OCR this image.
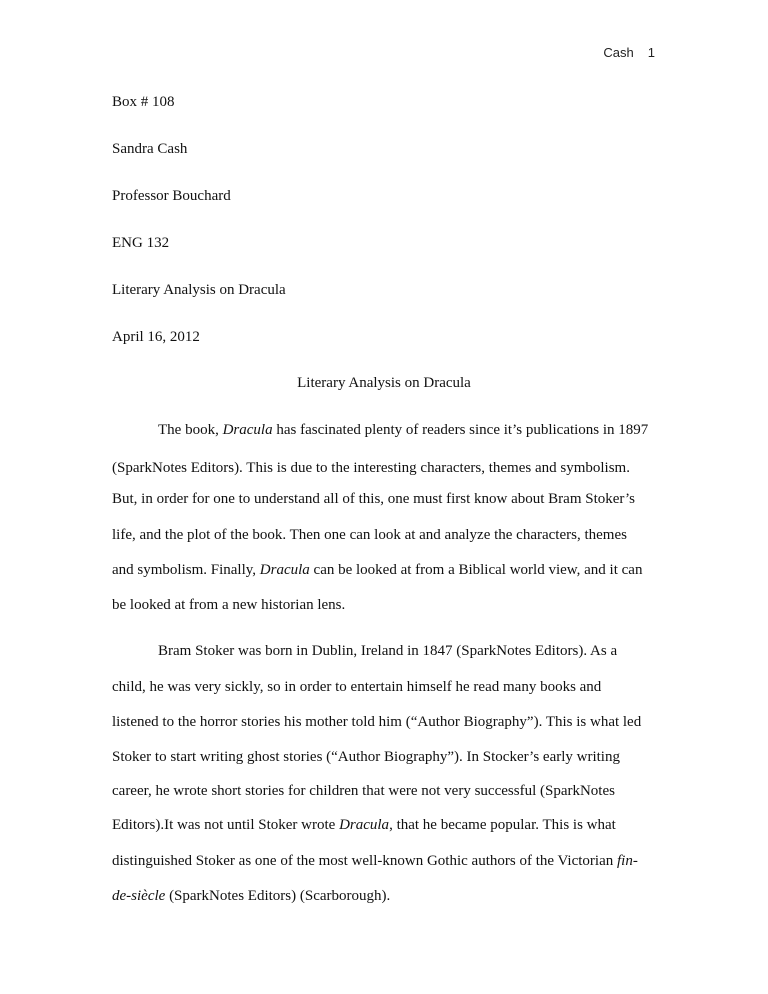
Cash 1
Box # 108
Sandra Cash
Professor Bouchard
ENG 132
Literary Analysis on Dracula
April 16, 2012
Literary Analysis on Dracula
The book, Dracula has fascinated plenty of readers since it’s publications in 1897
(SparkNotes Editors). This is due to the interesting characters, themes and symbolism.
But, in order for one to understand all of this, one must first know about Bram Stoker’s
life, and the plot of the book. Then one can look at and analyze the characters, themes
and symbolism. Finally, Dracula can be looked at from a Biblical world view, and it can
be looked at from a new historian lens.
Bram Stoker was born in Dublin, Ireland in 1847 (SparkNotes Editors). As a
child, he was very sickly, so in order to entertain himself he read many books and
listened to the horror stories his mother told him (“Author Biography”). This is what led
Stoker to start writing ghost stories (“Author Biography”). In Stocker’s early writing
career, he wrote short stories for children that were not very successful (SparkNotes
Editors).It was not until Stoker wrote Dracula, that he became popular. This is what
distinguished Stoker as one of the most well-known Gothic authors of the Victorian fin-
de-siècle (SparkNotes Editors) (Scarborough).
